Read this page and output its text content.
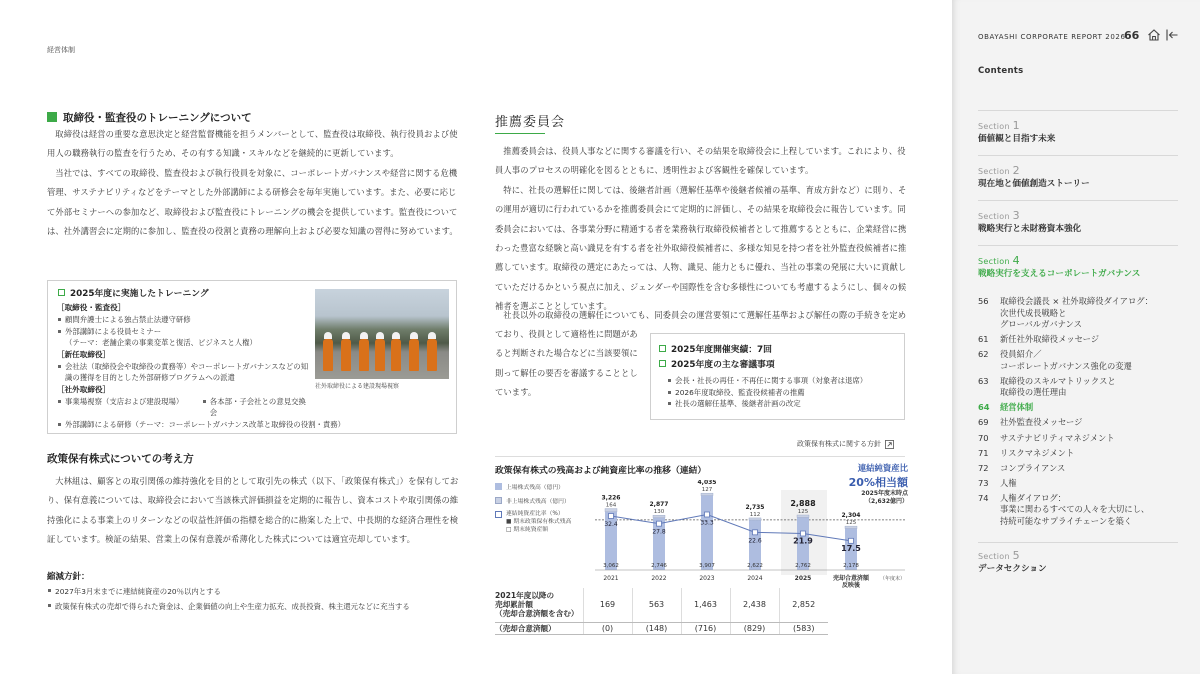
経営体制
取締役・監査役のトレーニングについて

取締役は経営の重要な意思決定と経営監督機能を担うメンバーとして、監査役は取締役、執行役員および使用人の職務執行の監査を行うため、その有する知識・スキルなどを継続的に更新しています。

当社では、すべての取締役、監査役および執行役員を対象に、コーポレートガバナンスや経営に関する危機管理、サステナビリティなどをテーマとした外部講師による研修会を毎年実施しています。また、必要に応じて外部セミナーへの参加など、取締役および監査役にトレーニングの機会を提供しています。監査役については、社外講習会に定期的に参加し、監査役の役割と責務の理解向上および必要な知識の習得に努めています。

2025年度に実施したトレーニング
［取締役・監査役］
顧問弁護士による独占禁止法遵守研修
外部講師による役員セミナー
（テーマ：老舗企業の事業変革と復活、ビジネスと人権）
［新任取締役］
会社法（取締役会や取締役の責務等）やコーポレートガバナンスなどの知識の獲得を目的とした外部研修プログラムへの派遣
［社外取締役］
事業場視察（支店および建設現場）	各本部・子会社との意見交換会
外部講師による研修（テーマ：コーポレートガバナンス改革と取締役の役割・責務）
社外取締役による建設現場視察
推薦委員会

推薦委員会は、役員人事などに関する審議を行い、その結果を取締役会に上程しています。これにより、役員人事のプロセスの明確化を図るとともに、透明性および客観性を確保しています。

特に、社長の選解任に関しては、後継者計画（選解任基準や後継者候補の基準、育成方針など）に則り、その運用が適切に行われているかを推薦委員会にて定期的に評価し、その結果を取締役会に報告しています。同委員会においては、各事業分野に精通する者を業務執行取締役候補者として推薦するとともに、企業経営に携わった豊富な経験と高い識見を有する者を社外取締役候補者に、多様な知見を持つ者を社外監査役候補者に推薦しています。取締役の選定にあたっては、人物、識見、能力ともに優れ、当社の事業の発展に大いに貢献していただけるかという視点に加え、ジェンダーや国際性を含む多様性についても考慮するようにし、個々の候補者を選ぶこととしています。

社長以外の取締役の選解任についても、同委員会の運営要領にて選解任基準および解任の際の手続きを定め

ており、役員として適格性に問題があると判断された場合などに当該要領に則って解任の要否を審議することとしています。

2025年度開催実績：7回
2025年度の主な審議事項
会長・社長の再任・不再任に関する事項（対象者は退席）
2026年度取締役、監査役候補者の推薦
社長の選解任基準、後継者計画の改定
政策保有株式についての考え方

大林組は、顧客との取引関係の維持強化を目的として取引先の株式（以下、「政策保有株式」）を保有しており、保有意義については、取締役会において当該株式評価損益を定期的に報告し、資本コストや取引関係の維持強化による事業上のリターンなどの収益性評価の指標を総合的に勘案した上で、中長期的な経済合理性を検証しています。検証の結果、営業上の保有意義が希薄化した株式については適宜売却しています。

縮減方針：
2027年3月末までに連結純資産の20％以内とする
政策保有株式の売却で得られた資金は、企業価値の向上や生産力拡充、成長投資、株主還元などに充当する
政策保有株式に関する方針
政策保有株式の残高および純資産比率の推移（連結）
上場株式残高（億円）
非上場株式残高（億円）
連結純資産比率（%）
■ 期末政策保有株式残高
□ 期末純資産額
連結純資産比
20%相当額
2025年度末時点
（2,632億円）
3,226
164
3,062
2021
2,877
130
2,746
2022
4,035
127
3,907
2023
2,735
112
2,622
2024
2,888
125
2,762
2025
2,304
125
2,178
売却合意済額反映後
（年度末）
32.4
27.8
33.3
22.6	21.9
17.5
2021年度以降の
売却累計額
（売却合意済額を含む）	169	563	1,463	2,438	2,852
（売却合意済額）	(0)	(148)	(716)	(829)	(583)
OBAYASHI CORPORATE REPORT 2026
66
Contents
Section 1
価値観と目指す未来
Section 2
現在地と価値創造ストーリー
Section 3
戦略実行と未財務資本強化
Section 4
戦略実行を支えるコーポレートガバナンス
56	取締役会議長 × 社外取締役ダイアログ：
次世代成長戦略と
グローバルガバナンス
61	新任社外取締役メッセージ
62	役員紹介／
コーポレートガバナンス強化の変遷
63	取締役のスキルマトリックスと
取締役の選任理由
64	経営体制
69	社外監査役メッセージ
70	サステナビリティマネジメント
71	リスクマネジメント
72	コンプライアンス
73	人権
74	人権ダイアログ：
事業に関わるすべての人々を大切にし、
持続可能なサプライチェーンを築く
Section 5
データセクション
